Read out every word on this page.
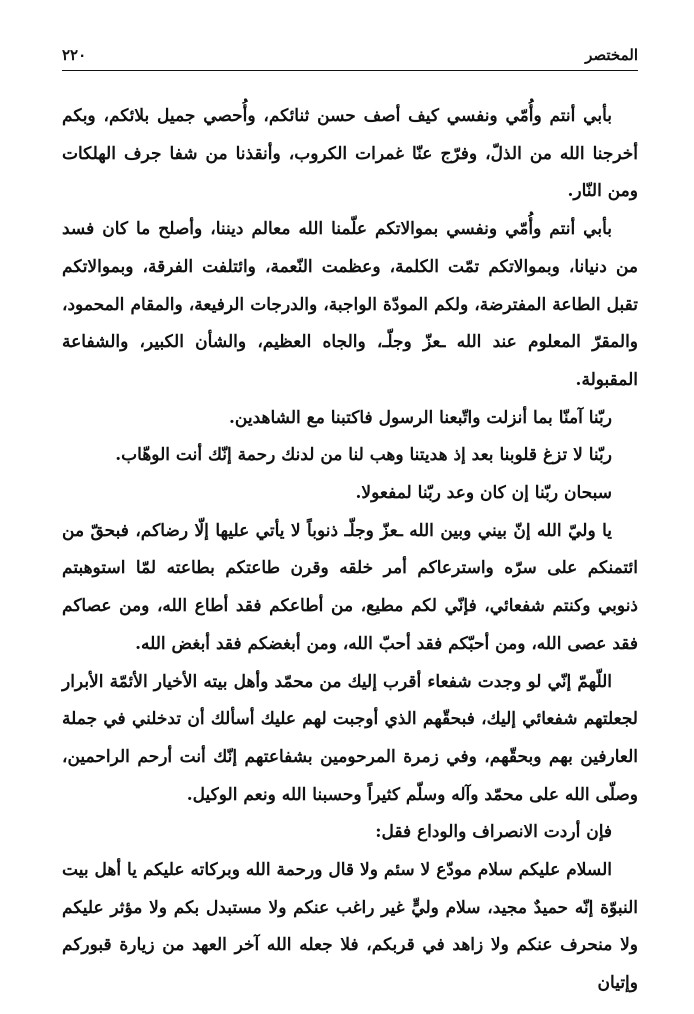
المختصر
٢٢٠

بأبي أنتم وأُمّي ونفسي كيف أصف حسن ثنائكم، وأُحصي جميل بلائكم، وبكم أخرجنا الله من الذلّ، وفرّج عنّا غمرات الكروب، وأنقذنا من شفا جرف الهلكات ومن النّار.

بأبي أنتم وأُمّي ونفسي بموالاتكم علّمنا الله معالم ديننا، وأصلح ما كان فسد من دنيانا، وبموالاتكم تمّت الكلمة، وعظمت النّعمة، وائتلفت الفرقة، وبموالاتكم تقبل الطاعة المفترضة، ولكم المودّة الواجبة، والدرجات الرفيعة، والمقام المحمود، والمقرّ المعلوم عند الله ـعزّ وجلّـ، والجاه العظيم، والشأن الكبير، والشفاعة المقبولة.

ربّنا آمنّا بما أنزلت واتّبعنا الرسول فاكتبنا مع الشاهدين.

ربّنا لا تزغ قلوبنا بعد إذ هديتنا وهب لنا من لدنك رحمة إنّك أنت الوهّاب.

سبحان ربّنا إن كان وعد ربّنا لمفعولا.

يا وليّ الله إنّ بيني وبين الله ـعزّ وجلّـ ذنوباً لا يأتي عليها إلّا رضاكم، فبحقّ من ائتمنكم على سرّه واسترعاكم أمر خلقه وقرن طاعتكم بطاعته لمّا استوهبتم ذنوبي وكنتم شفعائي، فإنّي لكم مطيع، من أطاعكم فقد أطاع الله، ومن عصاكم فقد عصى الله، ومن أحبّكم فقد أحبّ الله، ومن أبغضكم فقد أبغض الله.

اللّهمّ إنّي لو وجدت شفعاء أقرب إليك من محمّد وأهل بيته الأخيار الأئمّة الأبرار لجعلتهم شفعائي إليك، فبحقّهم الذي أوجبت لهم عليك أسألك أن تدخلني في جملة العارفين بهم وبحقّهم، وفي زمرة المرحومين بشفاعتهم إنّك أنت أرحم الراحمين، وصلّى الله على محمّد وآله وسلّم كثيراً وحسبنا الله ونعم الوكيل.

فإن أردت الانصراف والوداع فقل:

السلام عليكم سلام مودّع لا سئم ولا قال ورحمة الله وبركاته عليكم يا أهل بيت النبوّة إنّه حميدٌ مجيد، سلام وليٍّ غير راغب عنكم ولا مستبدل بكم ولا مؤثر عليكم ولا منحرف عنكم ولا زاهد في قربكم، فلا جعله الله آخر العهد من زيارة قبوركم وإتيان
